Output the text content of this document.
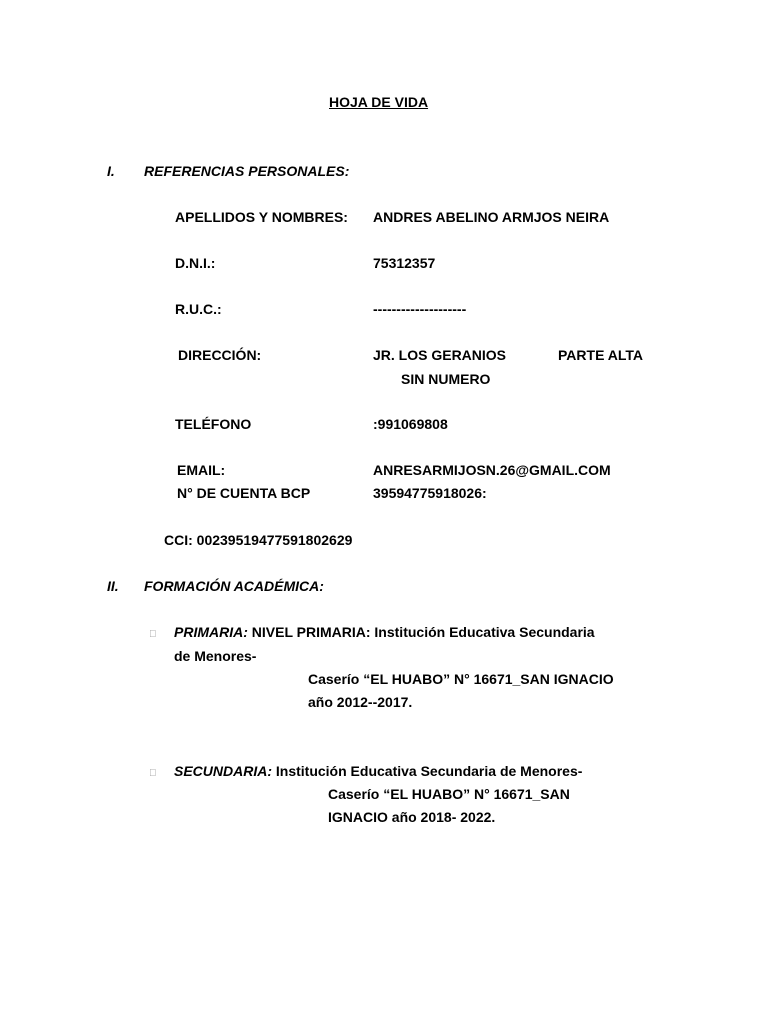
HOJA DE VIDA
I. REFERENCIAS PERSONALES:
APELLIDOS Y NOMBRES: ANDRES ABELINO ARMJOS NEIRA
D.N.I.:	75312357
R.U.C.:	--------------------
DIRECCIÓN:	JR. LOS GERANIOS	PARTE ALTA
SIN NUMERO
TELÉFONO	:991069808
EMAIL:	ANRESARMIJOSN.26@GMAIL.COM
N° DE CUENTA BCP	39594775918026:
CCI: 00239519477591802629
II. FORMACIÓN ACADÉMICA:
PRIMARIA: NIVEL PRIMARIA: Institución Educativa Secundaria
de Menores-
Caserío “EL HUABO” N° 16671_SAN IGNACIO
año 2012--2017.
SECUNDARIA: Institución Educativa Secundaria de Menores-
Caserío “EL HUABO” N° 16671_SAN
IGNACIO año 2018- 2022.
